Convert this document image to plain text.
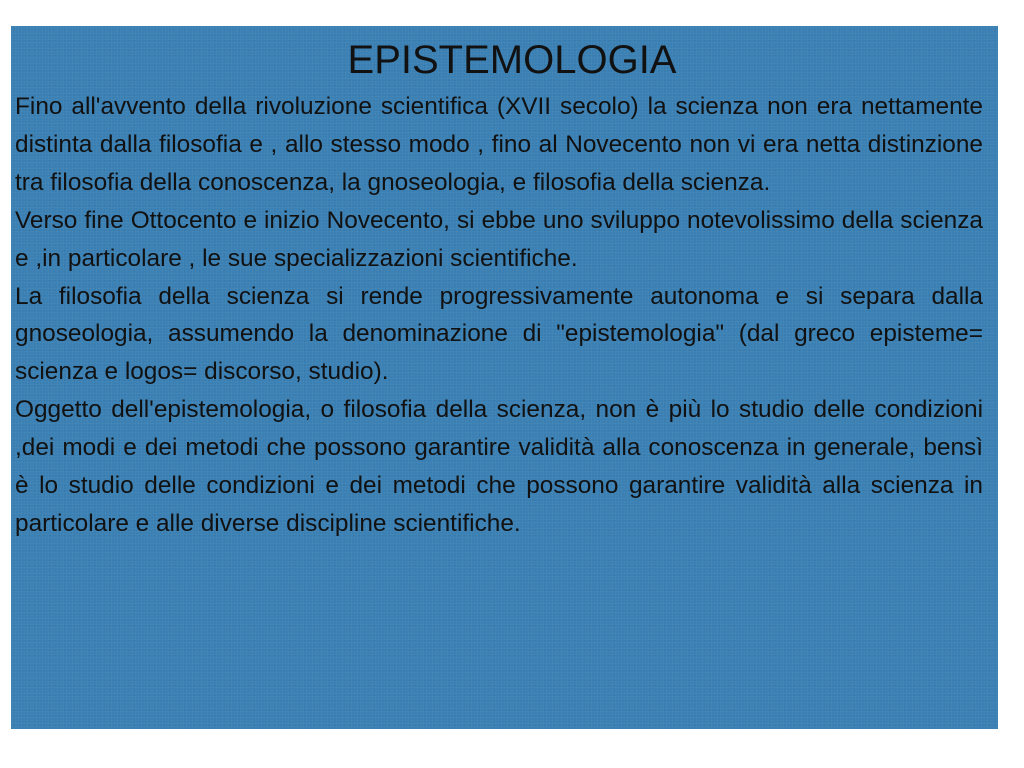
EPISTEMOLOGIA

Fino all'avvento della rivoluzione scientifica (XVII secolo) la scienza non era nettamente distinta dalla filosofia e , allo stesso modo , fino al Novecento non vi era netta distinzione tra filosofia della conoscenza, la gnoseologia, e filosofia della scienza.

Verso fine Ottocento e inizio Novecento, si ebbe uno sviluppo notevolissimo della scienza e ,in particolare , le sue specializzazioni scientifiche.

La filosofia della scienza si rende progressivamente autonoma e si separa dalla gnoseologia, assumendo la denominazione di "epistemologia" (dal greco episteme= scienza e logos= discorso, studio).

Oggetto dell'epistemologia, o filosofia della scienza, non è più lo studio delle condizioni ,dei modi e dei metodi che possono garantire validità alla conoscenza in generale, bensì è lo studio delle condizioni e dei metodi che possono garantire validità alla scienza in particolare e alle diverse discipline scientifiche.
